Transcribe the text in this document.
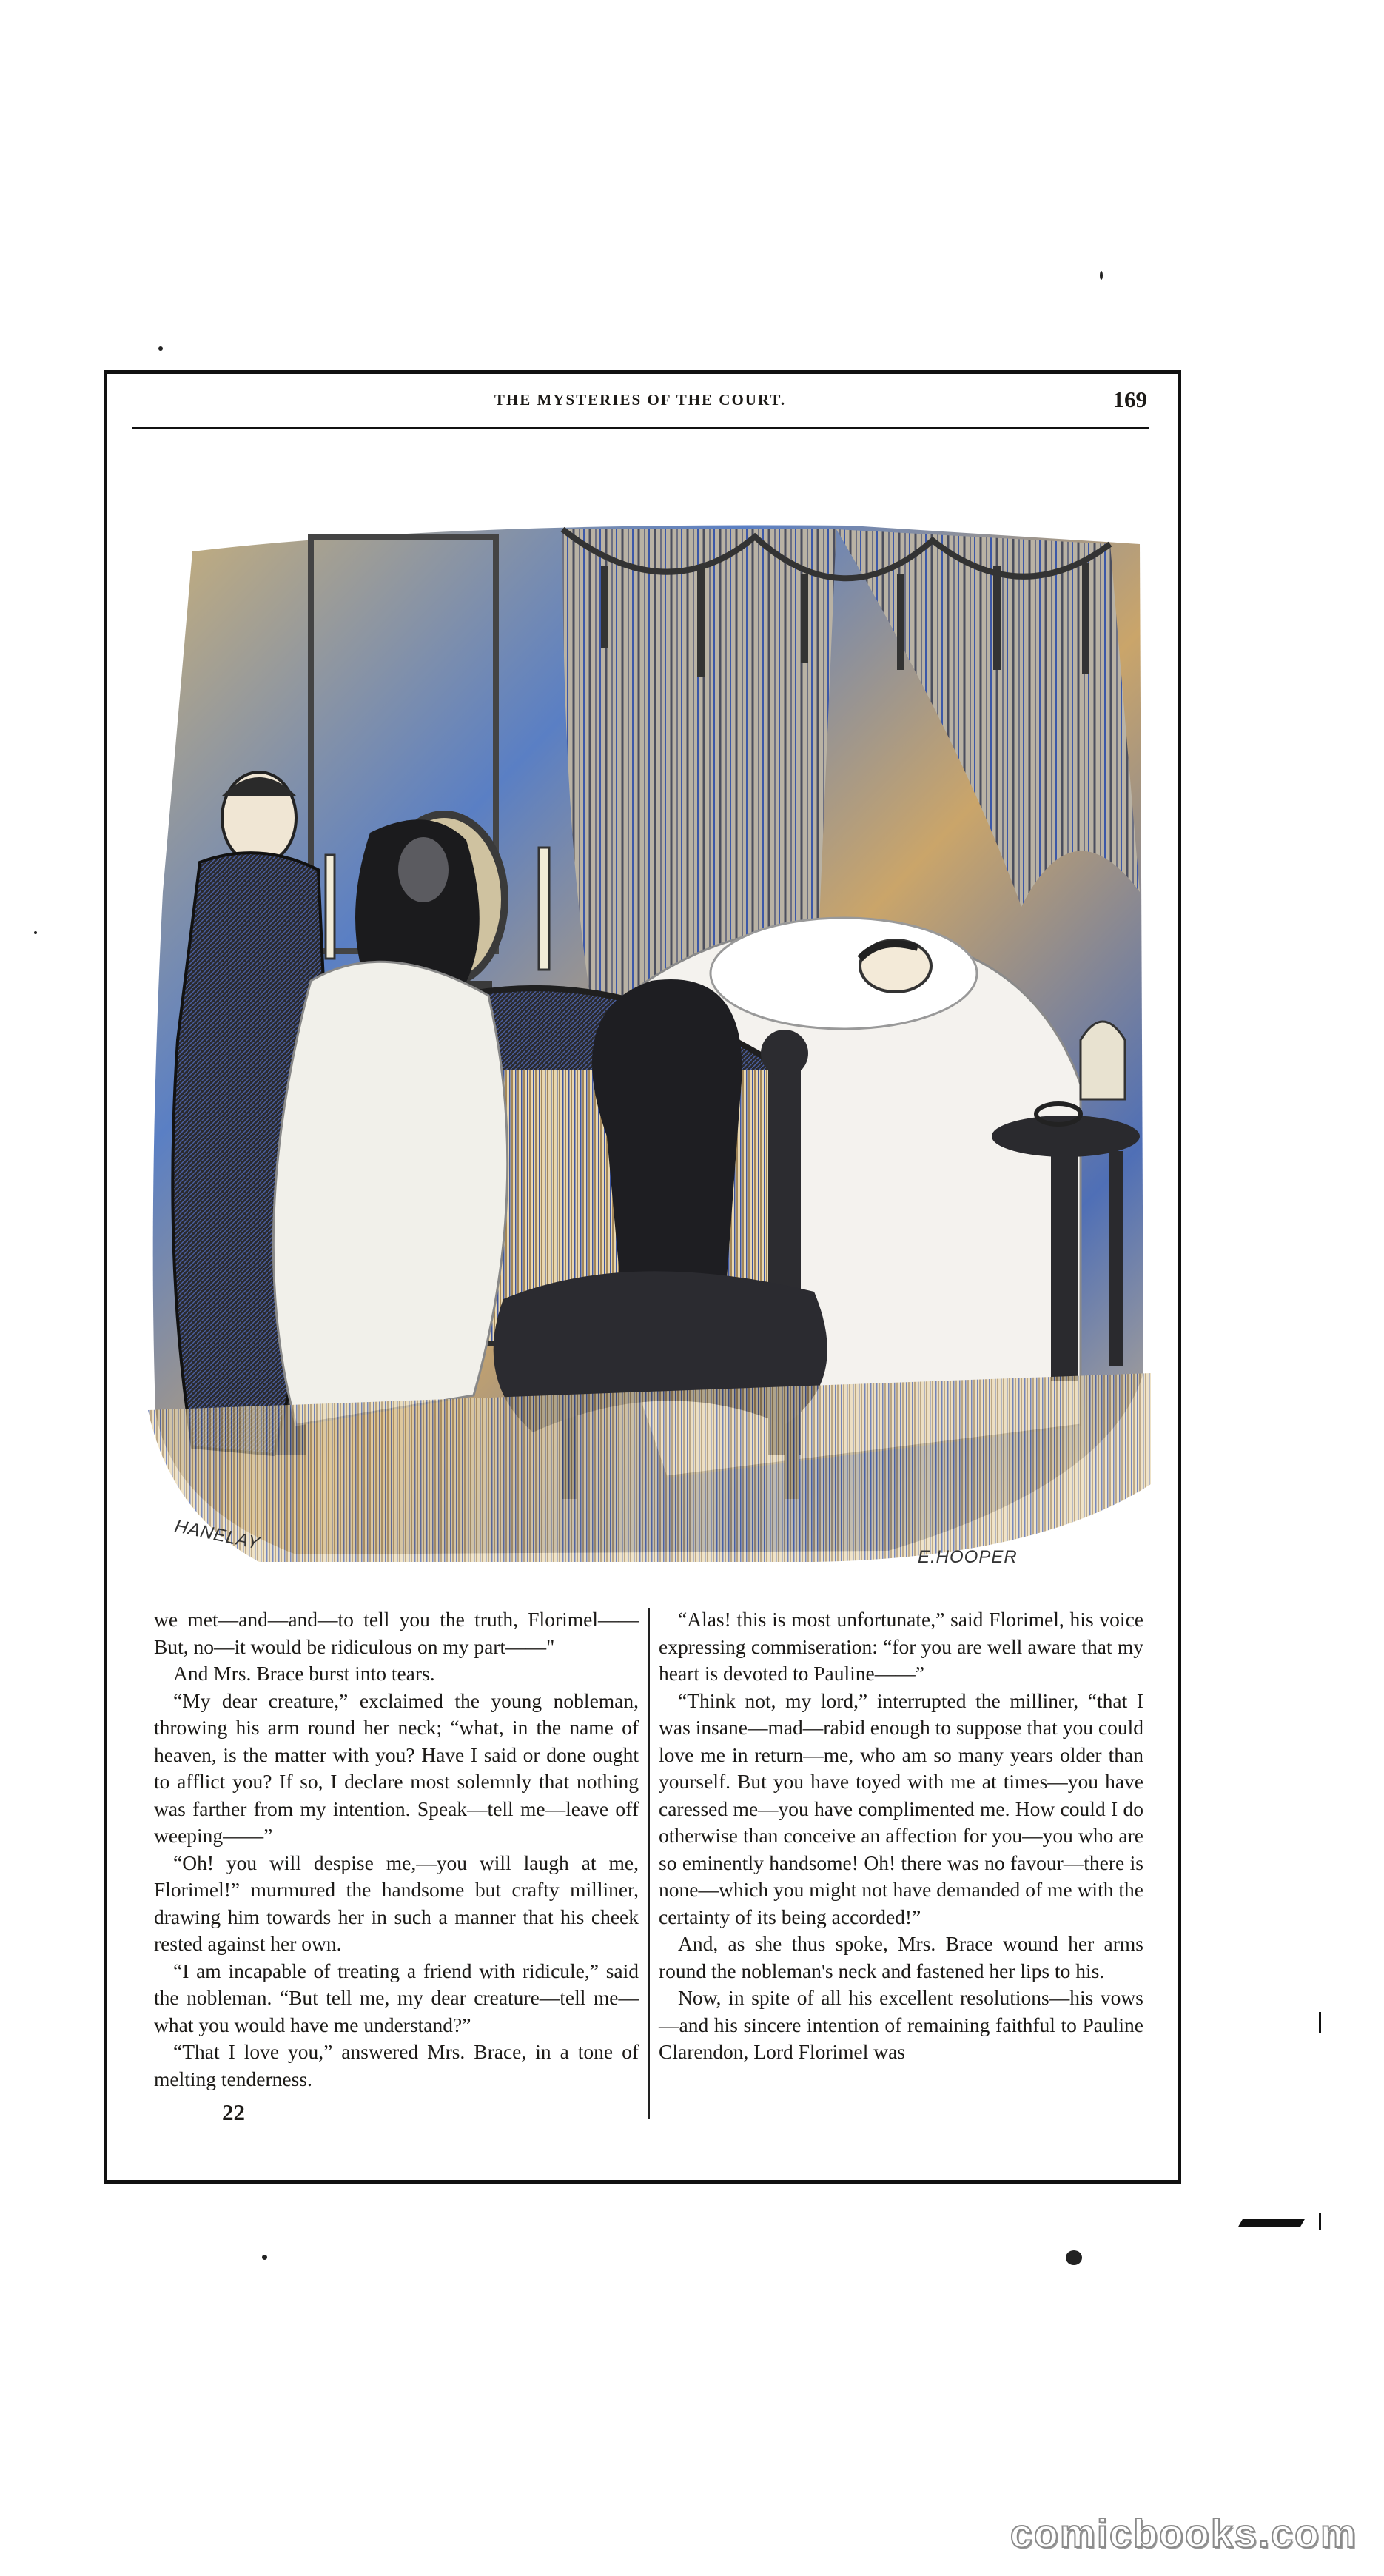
THE MYSTERIES OF THE COURT.	169
HANELAY
E.HOOPER

we met—and—and—to tell you the truth, Florimel——But, no—it would be ridiculous on my part——"

And Mrs. Brace burst into tears.

“My dear creature,” exclaimed the young nobleman, throwing his arm round her neck; “what, in the name of heaven, is the matter with you? Have I said or done ought to afflict you? If so, I declare most solemnly that nothing was farther from my intention. Speak—tell me—leave off weeping——”

“Oh! you will despise me,—you will laugh at me, Florimel!” murmured the handsome but crafty milliner, drawing him towards her in such a manner that his cheek rested against her own.

“I am incapable of treating a friend with ridicule,” said the nobleman. “But tell me, my dear creature—tell me—what you would have me understand?”

“That I love you,” answered Mrs. Brace, in a tone of melting tenderness.

“Alas! this is most unfortunate,” said Florimel, his voice expressing commiseration: “for you are well aware that my heart is devoted to Pauline——”

“Think not, my lord,” interrupted the milliner, “that I was insane—mad—rabid enough to suppose that you could love me in return—me, who am so many years older than yourself. But you have toyed with me at times—you have caressed me—you have complimented me. How could I do otherwise than conceive an affection for you—you who are so eminently handsome! Oh! there was no favour—there is none—which you might not have demanded of me with the certainty of its being accorded!”

And, as she thus spoke, Mrs. Brace wound her arms round the nobleman's neck and fastened her lips to his.

Now, in spite of all his excellent resolutions—his vows—and his sincere intention of remaining faithful to Pauline Clarendon, Lord Florimel was

22
comicbooks.com
